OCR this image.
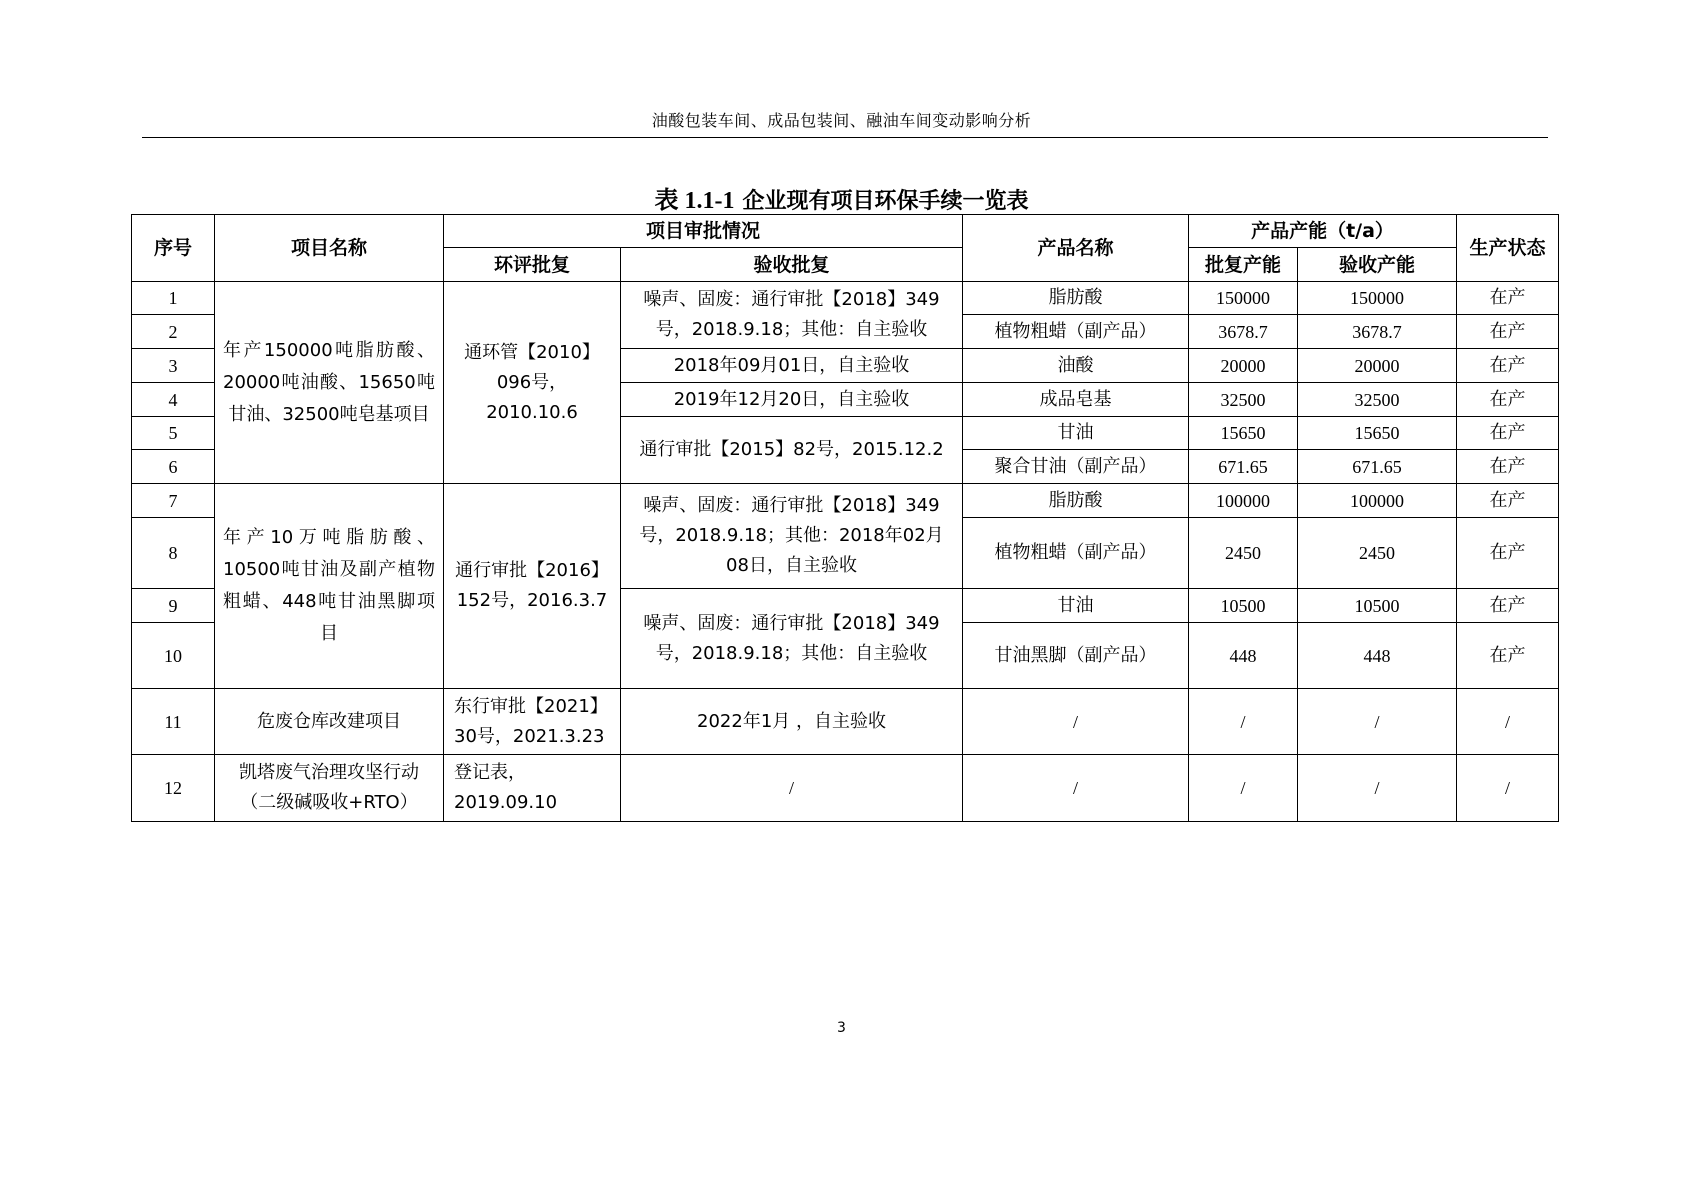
油酸包装车间、成品包装间、融油车间变动影响分析
表 1.1-1 企业现有项目环保手续一览表
序号	项目名称	项目审批情况		产品名称	产品产能（t/a）		生产状态
		环评批复	验收批复		批复产能	验收产能	
1	年产150000吨脂肪酸、20000吨油酸、15650吨甘油、32500吨皂基项目	通环管【2010】096号，2010.10.6	噪声、固废：通行审批【2018】349号，2018.9.18；其他：自主验收	脂肪酸	150000	150000	在产
2				植物粗蜡（副产品）	3678.7	3678.7	在产
3			2018年09月01日，自主验收	油酸	20000	20000	在产
4			2019年12月20日，自主验收	成品皂基	32500	32500	在产
5			通行审批【2015】82号，2015.12.2	甘油	15650	15650	在产
6				聚合甘油（副产品）	671.65	671.65	在产
7	年产10万吨脂肪酸、10500吨甘油及副产植物粗蜡、448吨甘油黑脚项目	通行审批【2016】152号，2016.3.7	噪声、固废：通行审批【2018】349号，2018.9.18；其他：2018年02月08日，自主验收	脂肪酸	100000	100000	在产
8				植物粗蜡（副产品）	2450	2450	在产
9			噪声、固废：通行审批【2018】349号，2018.9.18；其他：自主验收	甘油	10500	10500	在产
10				甘油黑脚（副产品）	448	448	在产
11	危废仓库改建项目	东行审批【2021】30号，2021.3.23	2022年1月 ，自主验收	/	/	/	/
12	凯塔废气治理攻坚行动（二级碱吸收+RTO）	登记表，2019.09.10	/	/	/	/	/
3
